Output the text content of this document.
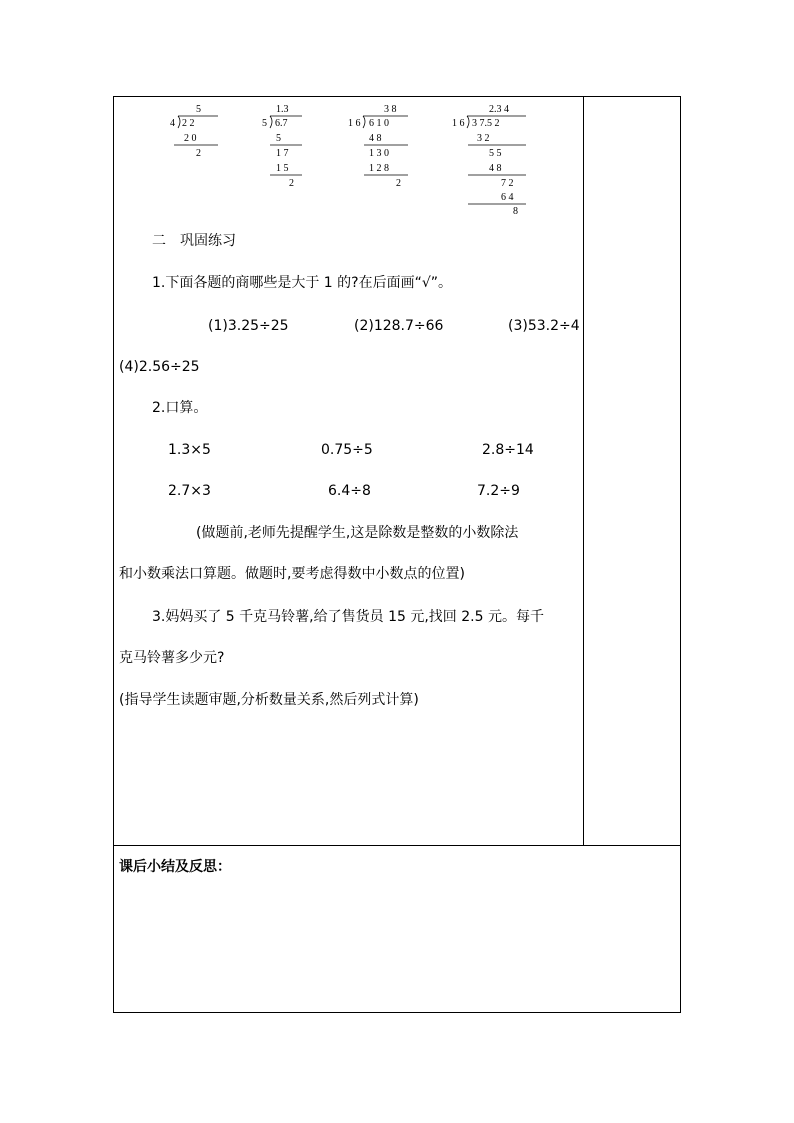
5
4 2 2
2 0
2
1.3
5 6.7
5
1 7
1 5
2
3 8
1 6 6 1 0
4 8
1 3 0
1 2 8
2
2.3 4
1 6 3 7.5 2
3 2
5 5
4 8
7 2
6 4
8
二　巩固练习
1.下面各题的商哪些是大于 1 的?在后面画“√”。
(1)3.25÷25	(2)128.7÷66	(3)53.2÷4
(4)2.56÷25
2.口算。
1.3×5	0.75÷5	2.8÷14
2.7×3	6.4÷8	7.2÷9
(做题前,老师先提醒学生,这是除数是整数的小数除法
和小数乘法口算题。做题时,要考虑得数中小数点的位置)
3.妈妈买了 5 千克马铃薯,给了售货员 15 元,找回 2.5 元。每千
克马铃薯多少元?
(指导学生读题审题,分析数量关系,然后列式计算)
课后小结及反思：
